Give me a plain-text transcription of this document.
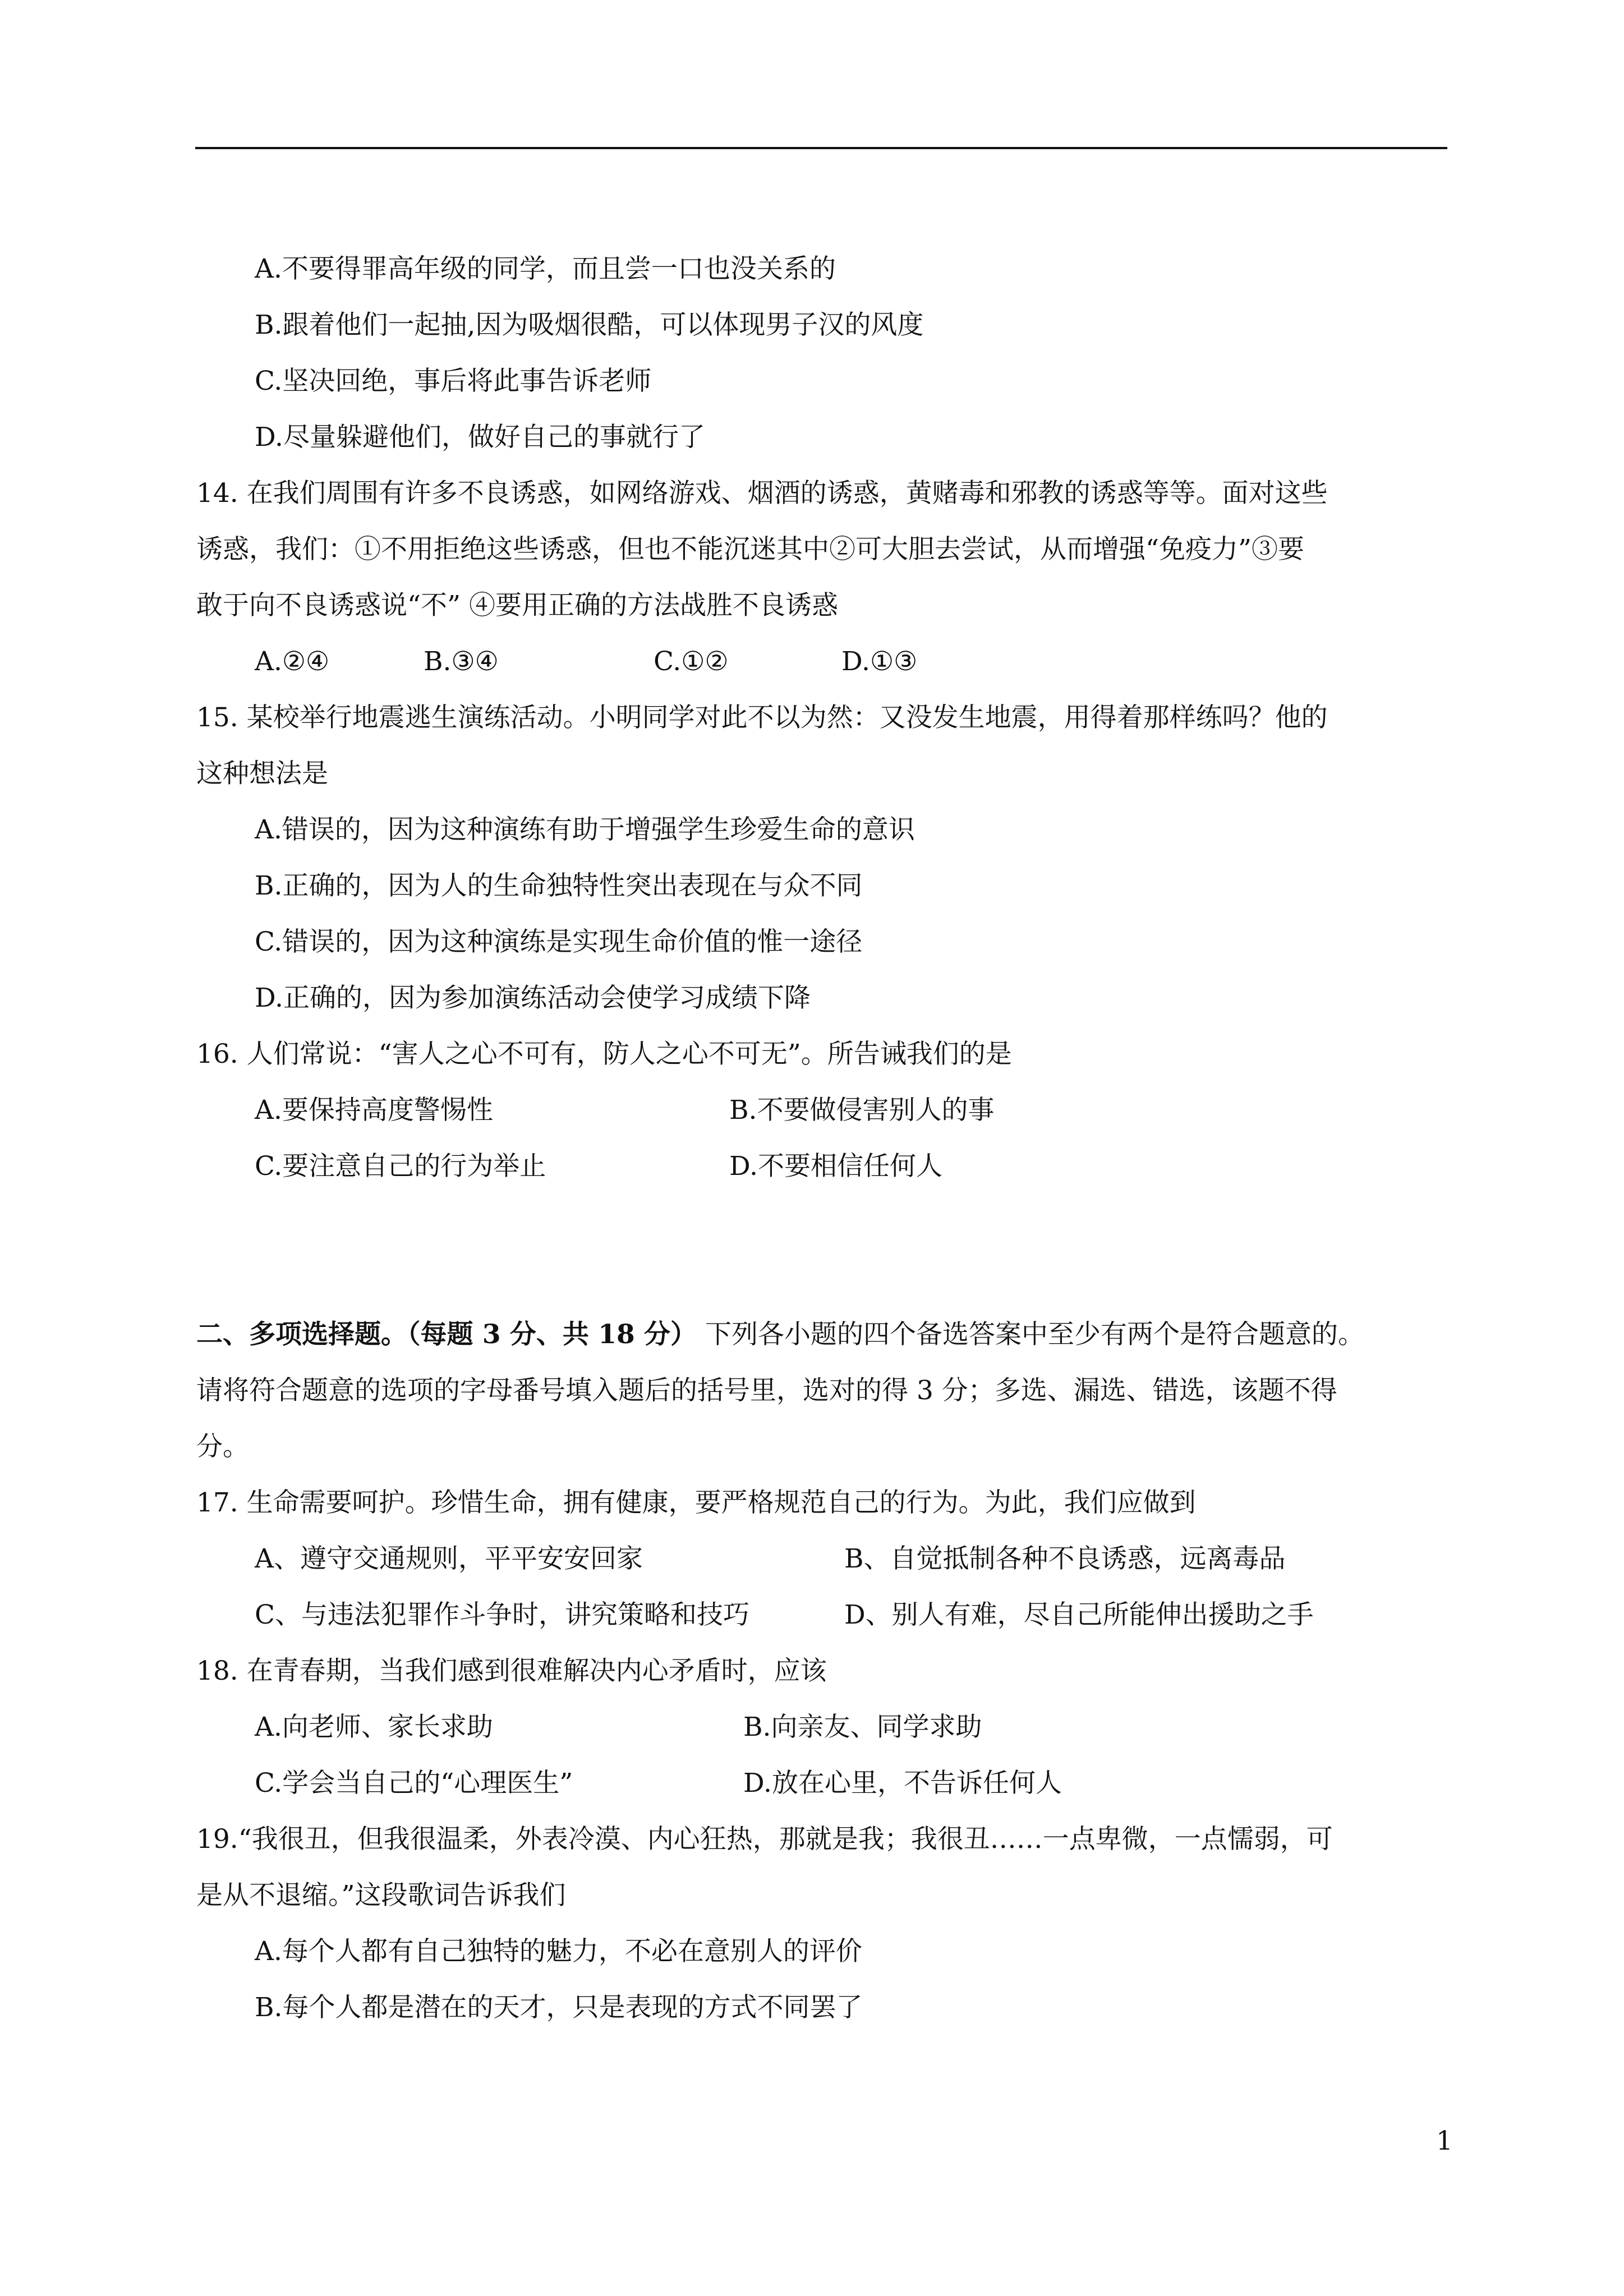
A.不要得罪高年级的同学，而且尝一口也没关系的
B.跟着他们一起抽,因为吸烟很酷，可以体现男子汉的风度
C.坚决回绝，事后将此事告诉老师
D.尽量躲避他们，做好自己的事就行了
14. 在我们周围有许多不良诱惑，如网络游戏、烟酒的诱惑，黄赌毒和邪教的诱惑等等。面对这些
诱惑，我们：①不用拒绝这些诱惑，但也不能沉迷其中②可大胆去尝试，从而增强“免疫力”③要
敢于向不良诱惑说“不” ④要用正确的方法战胜不良诱惑
A.②④	B.③④	C.①②	D.①③
15. 某校举行地震逃生演练活动。小明同学对此不以为然：又没发生地震，用得着那样练吗？他的
这种想法是
A.错误的，因为这种演练有助于增强学生珍爱生命的意识
B.正确的，因为人的生命独特性突出表现在与众不同
C.错误的，因为这种演练是实现生命价值的惟一途径
D.正确的，因为参加演练活动会使学习成绩下降
16. 人们常说：“害人之心不可有，防人之心不可无”。所告诫我们的是
A.要保持高度警惕性	B.不要做侵害别人的事
C.要注意自己的行为举止	D.不要相信任何人
二、多项选择题。（每题 3 分、共 18 分） 下列各小题的四个备选答案中至少有两个是符合题意的。
请将符合题意的选项的字母番号填入题后的括号里，选对的得 3 分；多选、漏选、错选，该题不得
分。
17. 生命需要呵护。珍惜生命，拥有健康，要严格规范自己的行为。为此，我们应做到
A、遵守交通规则，平平安安回家	B、自觉抵制各种不良诱惑，远离毒品
C、与违法犯罪作斗争时，讲究策略和技巧	D、别人有难，尽自己所能伸出援助之手
18. 在青春期，当我们感到很难解决内心矛盾时，应该
A.向老师、家长求助	B.向亲友、同学求助
C.学会当自己的“心理医生”	D.放在心里，不告诉任何人
19.“我很丑，但我很温柔，外表冷漠、内心狂热，那就是我；我很丑……一点卑微，一点懦弱，可
是从不退缩。”这段歌词告诉我们
A.每个人都有自己独特的魅力，不必在意别人的评价
B.每个人都是潜在的天才，只是表现的方式不同罢了
1
